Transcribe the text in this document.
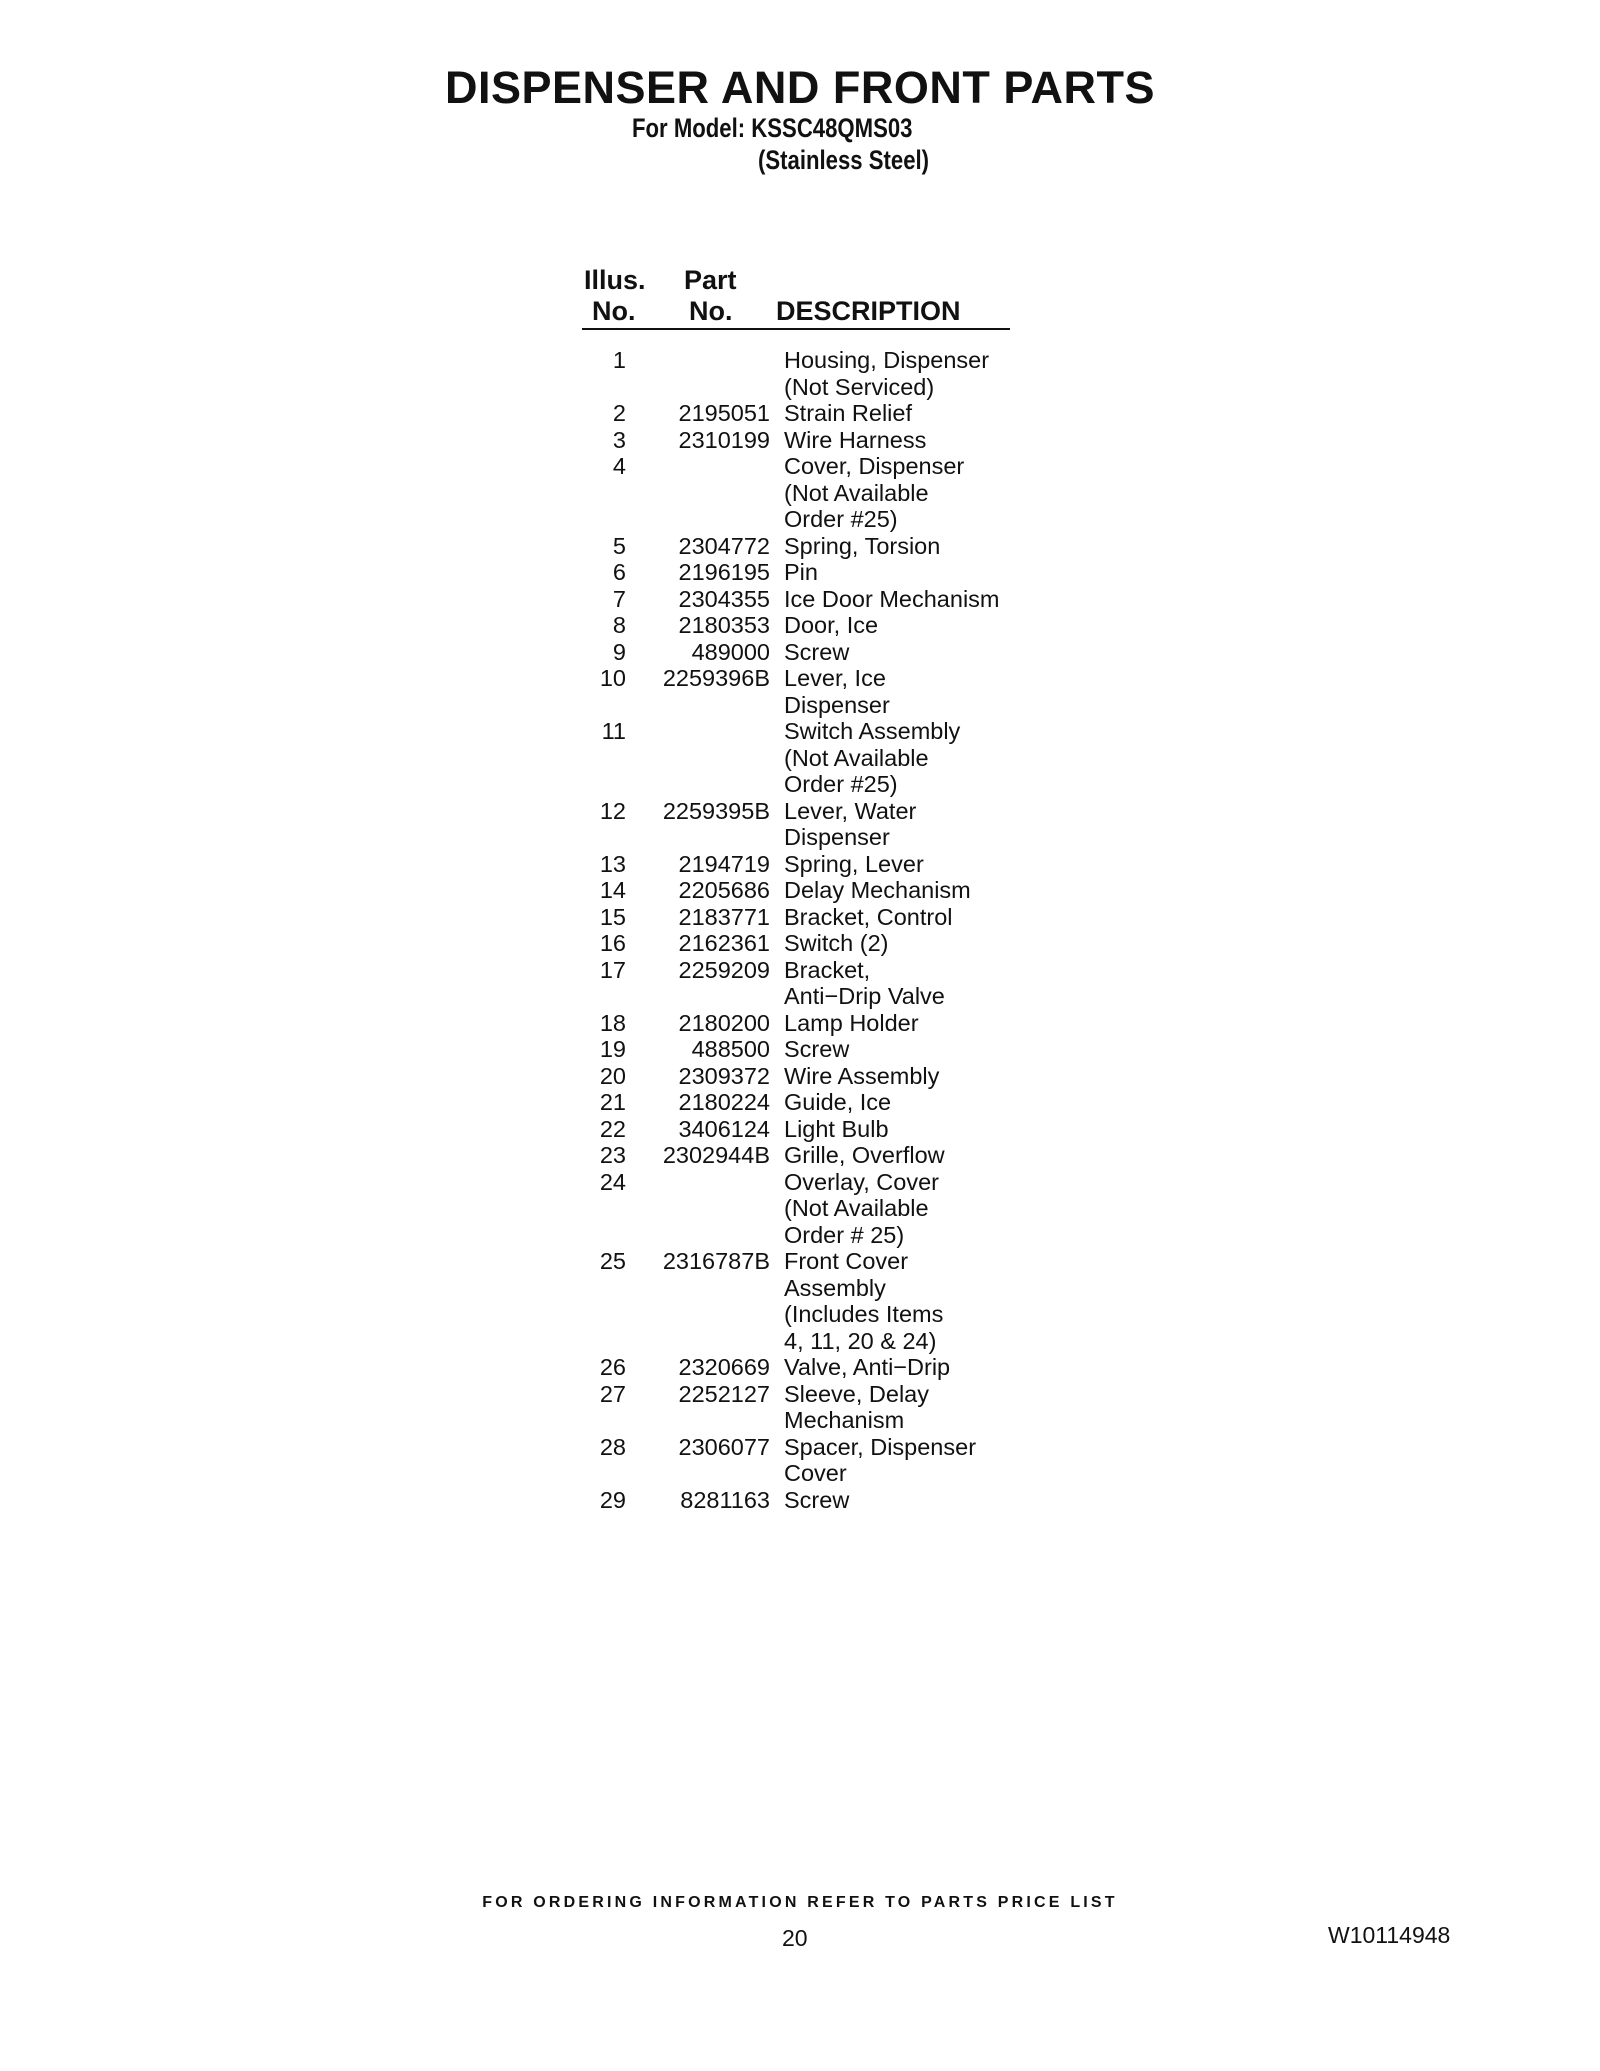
DISPENSER AND FRONT PARTS
For Model: KSSC48QMS03
(Stainless Steel)
Illus.
No.
Part
No. DESCRIPTION
1	Housing, Dispenser
(Not Serviced)
2	2195051 Strain Relief
3	2310199 Wire Harness
4	Cover, Dispenser
(Not Available
Order #25)
5	2304772 Spring, Torsion
6	2196195 Pin
7	2304355 Ice Door Mechanism
8	2180353 Door, Ice
9	489000 Screw
10	2259396B Lever, Ice
Dispenser
11	Switch Assembly
(Not Available
Order #25)
12	2259395B Lever, Water
Dispenser
13	2194719 Spring, Lever
14	2205686 Delay Mechanism
15	2183771 Bracket, Control
16	2162361 Switch (2)
17	2259209 Bracket,
Anti−Drip Valve
18	2180200 Lamp Holder
19	488500 Screw
20	2309372 Wire Assembly
21	2180224 Guide, Ice
22	3406124 Light Bulb
23	2302944B Grille, Overflow
24	Overlay, Cover
(Not Available
Order # 25)
25	2316787B Front Cover
Assembly
(Includes Items
4, 11, 20 & 24)
26	2320669 Valve, Anti−Drip
27	2252127 Sleeve, Delay
Mechanism
28	2306077 Spacer, Dispenser
Cover
29	8281163 Screw
FOR ORDERING INFORMATION REFER TO PARTS PRICE LIST
20	W10114948
